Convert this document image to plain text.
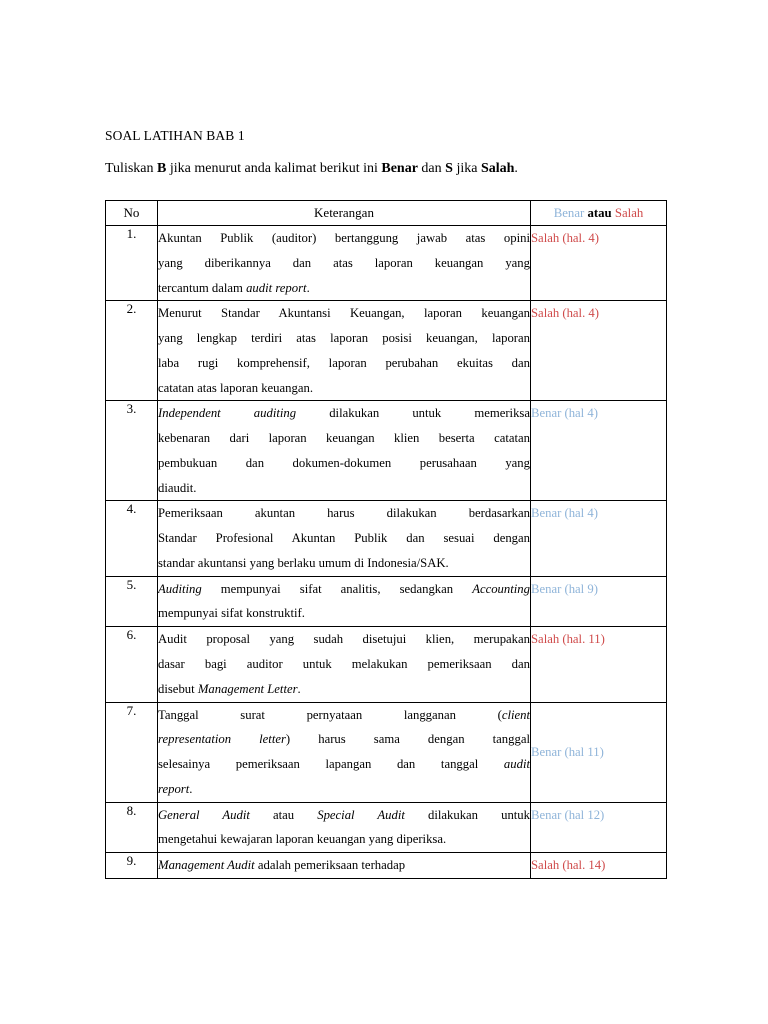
SOAL LATIHAN BAB 1

Tuliskan B jika menurut anda kalimat berikut ini Benar dan S jika Salah.

No	Keterangan	Benar atau Salah
1.	Akuntan Publik (auditor) bertanggung jawab atas opini
yang diberikannya dan atas laporan keuangan yang
tercantum dalam audit report.	Salah (hal. 4)
2.	Menurut Standar Akuntansi Keuangan, laporan keuangan
yang lengkap terdiri atas laporan posisi keuangan, laporan
laba rugi komprehensif, laporan perubahan ekuitas dan
catatan atas laporan keuangan.	Salah (hal. 4)
3.	Independent auditing dilakukan untuk memeriksa
kebenaran dari laporan keuangan klien beserta catatan
pembukuan dan dokumen-dokumen perusahaan yang
diaudit.	Benar (hal 4)
4.	Pemeriksaan akuntan harus dilakukan berdasarkan
Standar Profesional Akuntan Publik dan sesuai dengan
standar akuntansi yang berlaku umum di Indonesia/SAK.	Benar (hal 4)
5.	Auditing mempunyai sifat analitis, sedangkan Accounting
mempunyai sifat konstruktif.	Benar (hal 9)
6.	Audit proposal yang sudah disetujui klien, merupakan
dasar bagi auditor untuk melakukan pemeriksaan dan
disebut Management Letter.	Salah (hal. 11)
7.	Tanggal surat pernyataan langganan (client
representation letter) harus sama dengan tanggal
selesainya pemeriksaan lapangan dan tanggal audit
report.	Benar (hal 11)
8.	General Audit atau Special Audit dilakukan untuk
mengetahui kewajaran laporan keuangan yang diperiksa.	Benar (hal 12)
9.	Management Audit adalah pemeriksaan terhadap	Salah (hal. 14)
